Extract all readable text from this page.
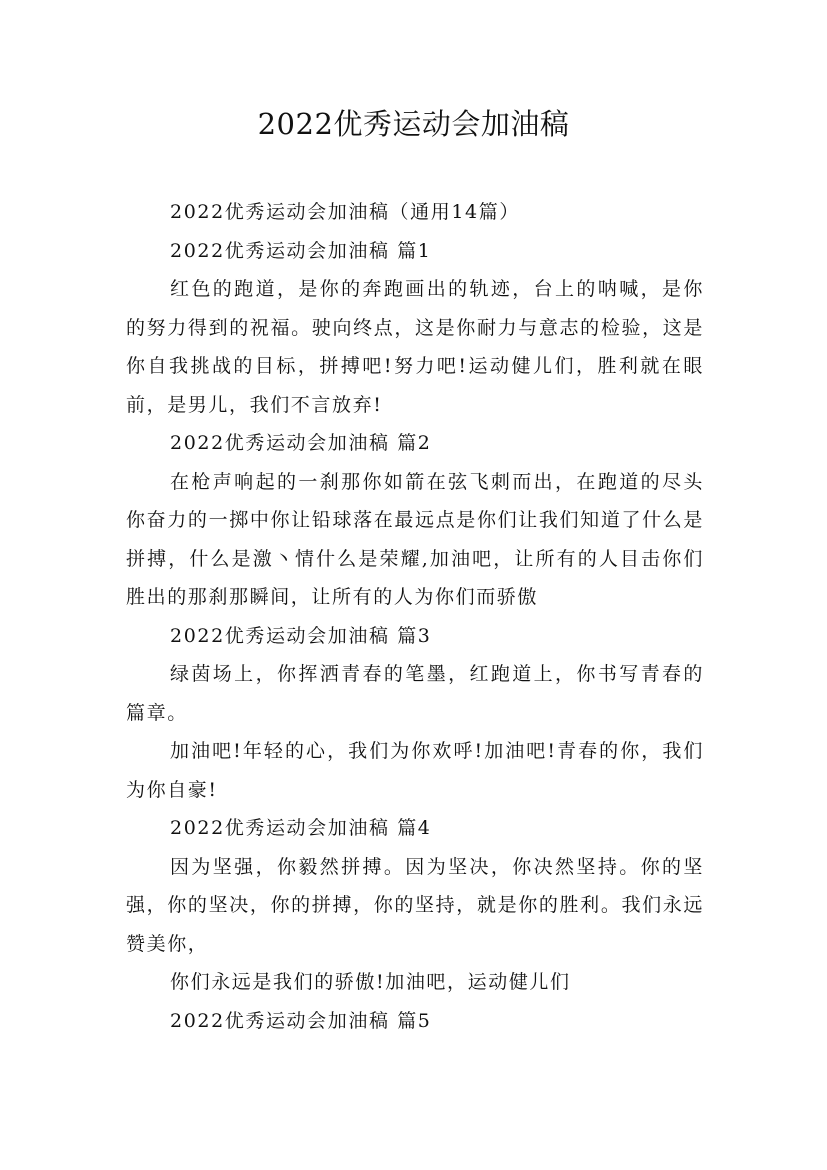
2022优秀运动会加油稿

2022优秀运动会加油稿（通用14篇）

2022优秀运动会加油稿 篇1

红色的跑道，是你的奔跑画出的轨迹，台上的呐喊，是你的努力得到的祝福。驶向终点，这是你耐力与意志的检验，这是你自我挑战的目标，拼搏吧!努力吧!运动健儿们，胜利就在眼前，是男儿，我们不言放弃!

2022优秀运动会加油稿 篇2

在枪声响起的一刹那你如箭在弦飞刺而出，在跑道的尽头你奋力的一掷中你让铅球落在最远点是你们让我们知道了什么是拼搏，什么是激丶情什么是荣耀,加油吧，让所有的人目击你们胜出的那刹那瞬间，让所有的人为你们而骄傲

2022优秀运动会加油稿 篇3

绿茵场上，你挥洒青春的笔墨，红跑道上，你书写青春的篇章。

加油吧!年轻的心，我们为你欢呼!加油吧!青春的你，我们为你自豪!

2022优秀运动会加油稿 篇4

因为坚强，你毅然拼搏。因为坚决，你决然坚持。你的坚强，你的坚决，你的拼搏，你的坚持，就是你的胜利。我们永远赞美你，

你们永远是我们的骄傲!加油吧，运动健儿们

2022优秀运动会加油稿 篇5
